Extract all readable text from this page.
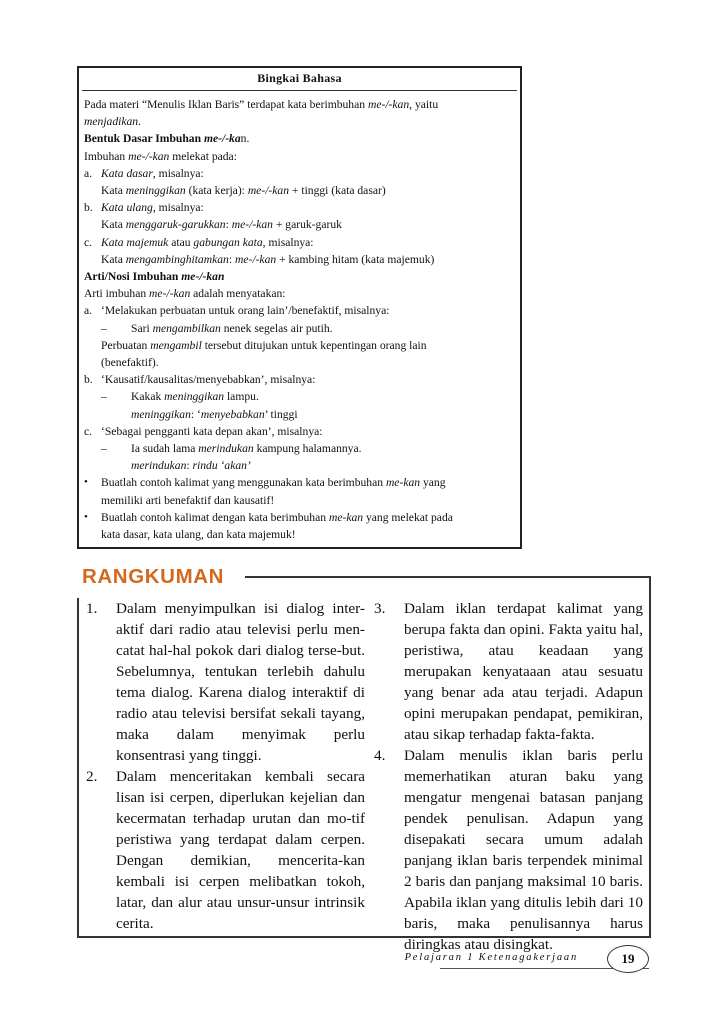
Bingkai Bahasa

Pada materi “Menulis Iklan Baris” terdapat kata berimbuhan me-/-kan, yaitu

menjadikan.

Bentuk Dasar Imbuhan me-/-kan.

Imbuhan me-/-kan melekat pada:

a. Kata dasar, misalnya:

Kata meninggikan (kata kerja): me-/-kan + tinggi (kata dasar)

b. Kata ulang, misalnya:

Kata menggaruk-garukkan: me-/-kan + garuk-garuk

c. Kata majemuk atau gabungan kata, misalnya:

Kata mengambinghitamkan: me-/-kan + kambing hitam (kata majemuk)

Arti/Nosi Imbuhan me-/-kan

Arti imbuhan me-/-kan adalah menyatakan:

a. ‘Melakukan perbuatan untuk orang lain’/benefaktif, misalnya:
–	Sari mengambilkan nenek segelas air putih.

Perbuatan mengambil tersebut ditujukan untuk kepentingan orang lain

(benefaktif).

b. ‘Kausatif/kausalitas/menyebabkan’, misalnya:
–	Kakak meninggikan lampu.

meninggikan: ‘menyebabkan’ tinggi

c. ‘Sebagai pengganti kata depan akan’, misalnya:
–	Ia sudah lama merindukan kampung halamannya.

merindukan: rindu ‘akan’

•	Buatlah contoh kalimat yang menggunakan kata berimbuhan me-kan yang

memiliki arti benefaktif dan kausatif!

•	Buatlah contoh kalimat dengan kata berimbuhan me-kan yang melekat pada

kata dasar, kata ulang, dan kata majemuk!

RANGKUMAN
1.	Dalam menyimpulkan isi dialog inter-aktif dari radio atau televisi perlu men-catat hal-hal pokok dari dialog terse-but. Sebelumnya, tentukan terlebih dahulu tema dialog. Karena dialog interaktif di radio atau televisi bersifat sekali tayang, maka dalam menyimak perlu konsentrasi yang tinggi.
2.	Dalam menceritakan kembali secara lisan isi cerpen, diperlukan kejelian dan kecermatan terhadap urutan dan mo-tif peristiwa yang terdapat dalam cerpen. Dengan demikian, mencerita-kan kembali isi cerpen melibatkan tokoh, latar, dan alur atau unsur-unsur intrinsik cerita.
3.	Dalam iklan terdapat kalimat yang berupa fakta dan opini. Fakta yaitu hal, peristiwa, atau keadaan yang merupakan kenyataaan atau sesuatu yang benar ada atau terjadi. Adapun opini merupakan pendapat, pemikiran, atau sikap terhadap fakta-fakta.
4.	Dalam menulis iklan baris perlu memerhatikan aturan baku yang mengatur mengenai batasan panjang pendek penulisan. Adapun yang disepakati secara umum adalah panjang iklan baris terpendek minimal 2 baris dan panjang maksimal 10 baris. Apabila iklan yang ditulis lebih dari 10 baris, maka penulisannya harus diringkas atau disingkat.
Pelajaran 1 Ketenagakerjaan	19
